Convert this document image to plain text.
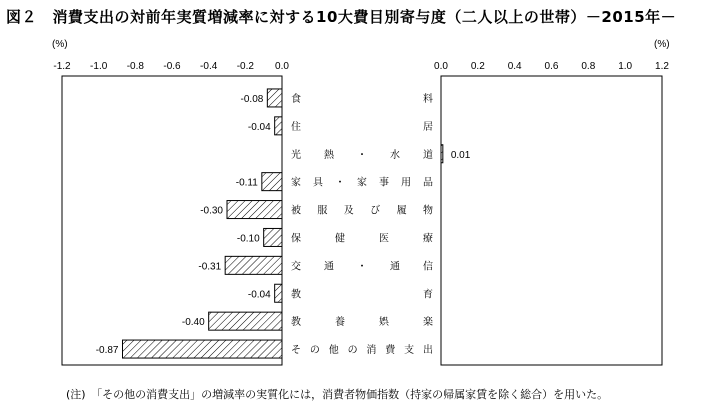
図２　消費支出の対前年実質増減率に対する10大費目別寄与度（二人以上の世帯）－2015年－
(%)	(%)
-1.2 -1.0 -0.8 -0.6 -0.4 -0.2 0.0	0.0 0.2 0.4 0.6 0.8 1.0 1.2
-0.08
-0.04
0.01
-0.11
-0.30
-0.10
-0.31
-0.04
-0.40
-0.87
食	料
住	居
光 熱 ・ 水 道
家 具 ・ 家 事 用 品
被 服 及 び 履 物
保	健	医	療
交 通 ・ 通 信
教	育
教	養	娯	楽
そ の 他 の 消 費 支 出
(注)　「その他の消費支出」の増減率の実質化には，消費者物価指数（持家の帰属家賃を除く総合）を用いた。
